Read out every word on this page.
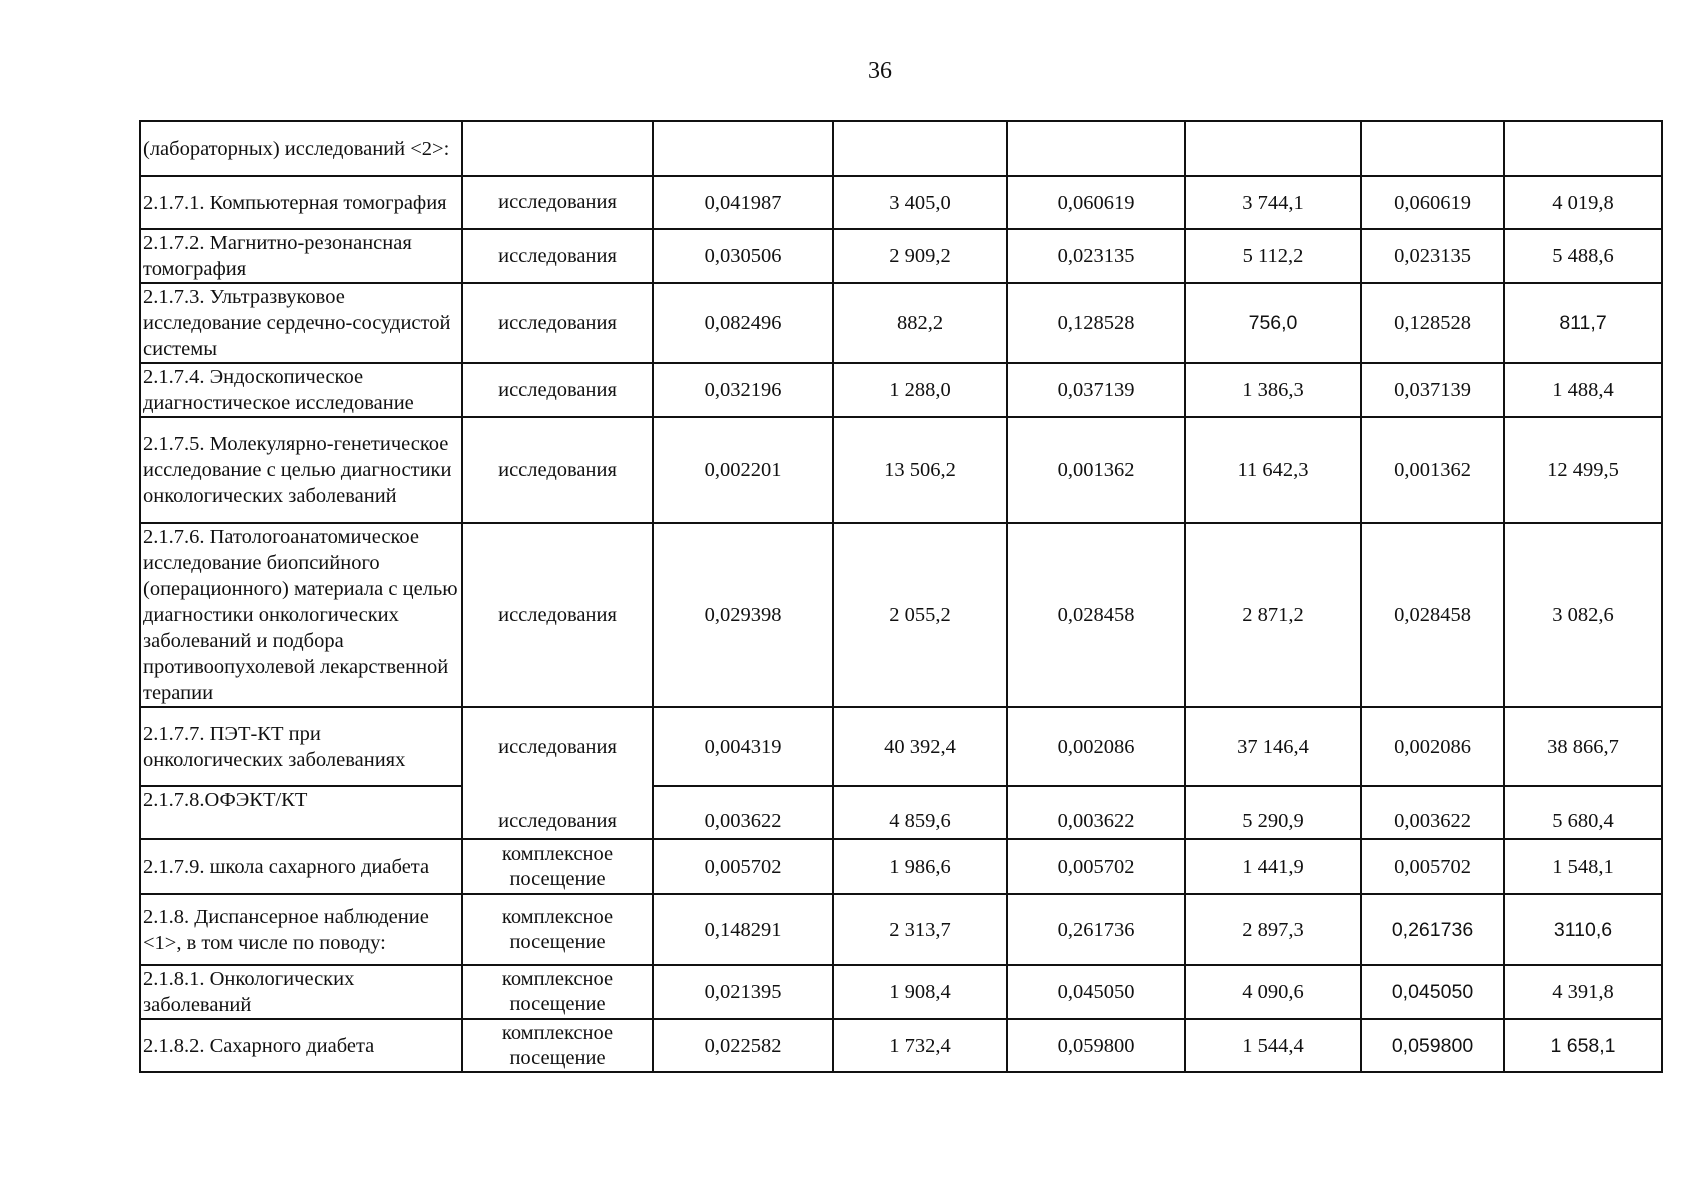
36
(лабораторных) исследований <2>:							
2.1.7.1. Компьютерная томография	исследования	0,041987	3 405,0	0,060619	3 744,1	0,060619	4 019,8
2.1.7.2. Магнитно-резонансная томография	исследования	0,030506	2 909,2	0,023135	5 112,2	0,023135	5 488,6
2.1.7.3. Ультразвуковое исследование сердечно-сосудистой системы	исследования	0,082496	882,2	0,128528	756,0	0,128528	811,7
2.1.7.4. Эндоскопическое диагностическое исследование	исследования	0,032196	1 288,0	0,037139	1 386,3	0,037139	1 488,4
2.1.7.5. Молекулярно-генетическое исследование с целью диагностики онкологических заболеваний	исследования	0,002201	13 506,2	0,001362	11 642,3	0,001362	12 499,5
2.1.7.6. Патологоанатомическое исследование биопсийного (операционного) материала с целью диагностики онкологических заболеваний и подбора противоопухолевой лекарственной терапии	исследования	0,029398	2 055,2	0,028458	2 871,2	0,028458	3 082,6
2.1.7.7. ПЭТ-КТ при онкологических заболеваниях	исследования	0,004319	40 392,4	0,002086	37 146,4	0,002086	38 866,7
2.1.7.8.ОФЭКТ/КТ	исследования	0,003622	4 859,6	0,003622	5 290,9	0,003622	5 680,4
2.1.7.9. школа сахарного диабета	комплексное посещение	0,005702	1 986,6	0,005702	1 441,9	0,005702	1 548,1
2.1.8. Диспансерное наблюдение <1>, в том числе по поводу:	комплексное посещение	0,148291	2 313,7	0,261736	2 897,3	0,261736	3110,6
2.1.8.1. Онкологических заболеваний	комплексное посещение	0,021395	1 908,4	0,045050	4 090,6	0,045050	4 391,8
2.1.8.2. Сахарного диабета	комплексное посещение	0,022582	1 732,4	0,059800	1 544,4	0,059800	1 658,1
